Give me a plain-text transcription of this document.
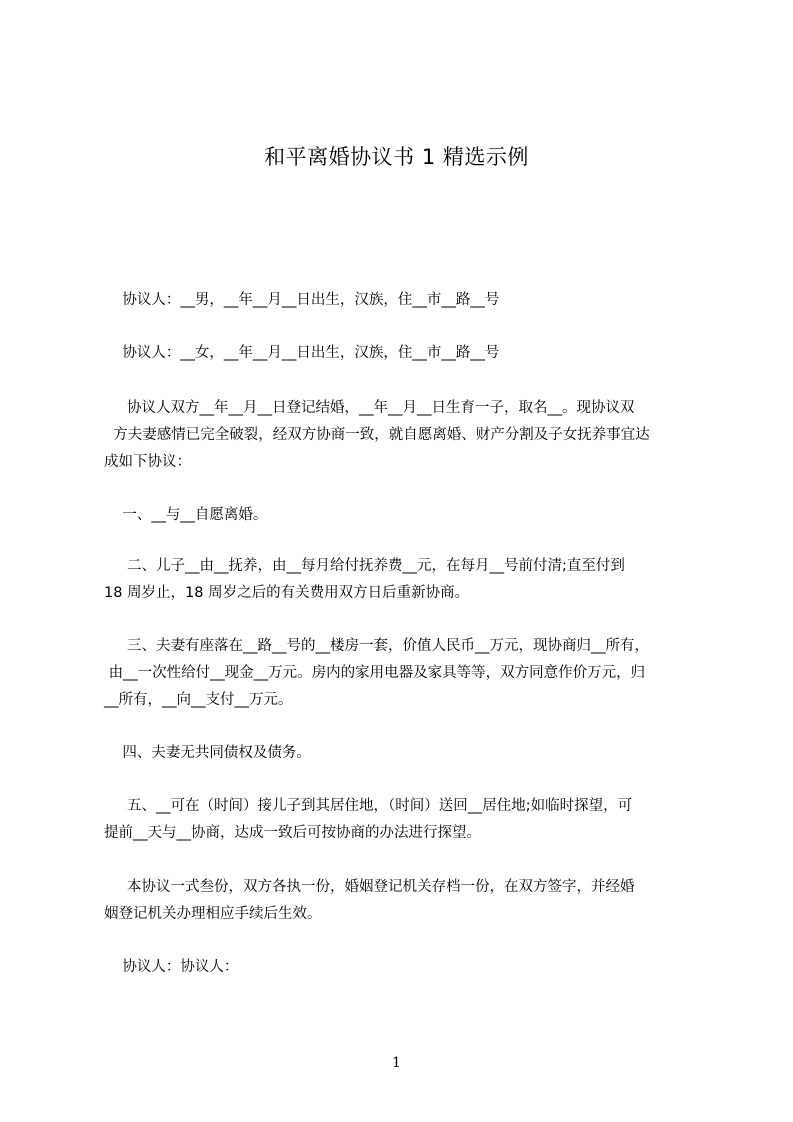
和平离婚协议书 1 精选示例

协议人：__男，__年__月__日出生，汉族，住__市__路__号

协议人：__女，__年__月__日出生，汉族，住__市__路__号

协议人双方__年__月__日登记结婚，__年__月__日生育一子，取名__。现协议双
方夫妻感情已完全破裂，经双方协商一致，就自愿离婚、财产分割及子女抚养事宜达
成如下协议：

一、__与__自愿离婚。

二、儿子__由__抚养，由__每月给付抚养费__元，在每月__号前付清;直至付到
18 周岁止，18 周岁之后的有关费用双方日后重新协商。

三、夫妻有座落在__路__号的__楼房一套，价值人民币__万元，现协商归__所有，
由__一次性给付__现金__万元。房内的家用电器及家具等等，双方同意作价万元，归
__所有，__向__支付__万元。

四、夫妻无共同债权及债务。

五、__可在（时间）接儿子到其居住地，（时间）送回__居住地;如临时探望，可
提前__天与__协商，达成一致后可按协商的办法进行探望。

本协议一式叁份，双方各执一份，婚姻登记机关存档一份，在双方签字，并经婚
姻登记机关办理相应手续后生效。

协议人：协议人：

1
